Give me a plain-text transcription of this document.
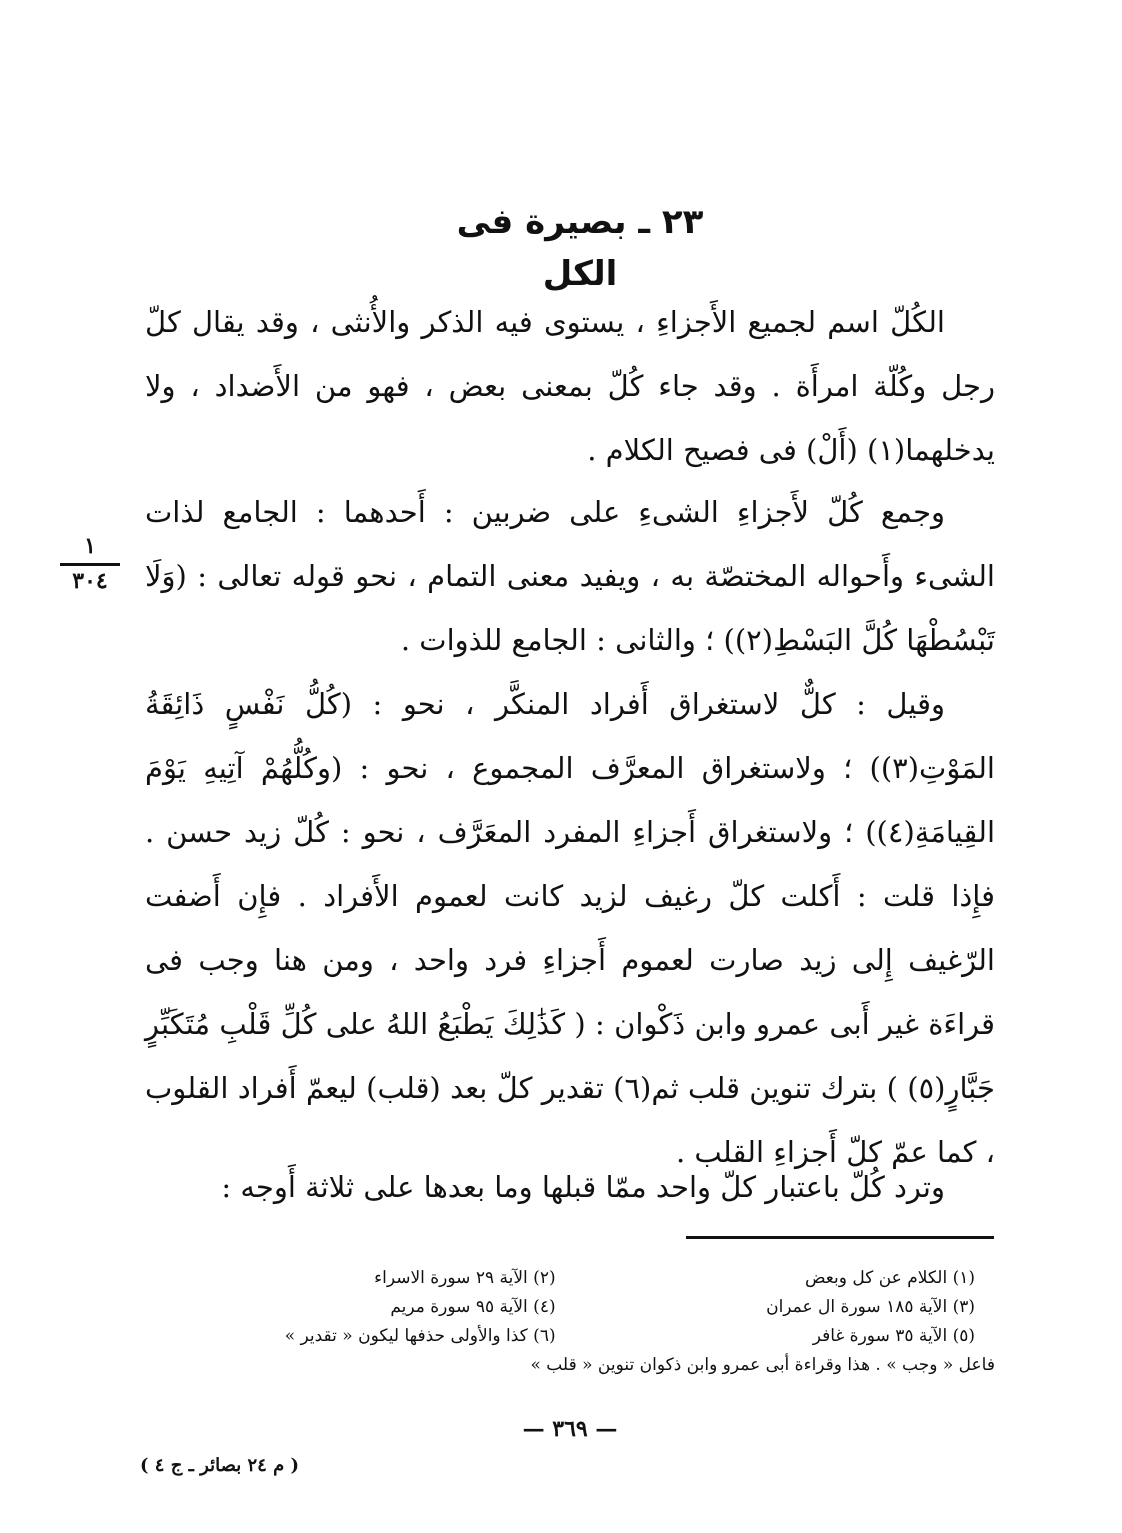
٢٣ ـ بصيرة فى الكل

الكُلّ اسم لجميع الأَجزاءِ ، يستوى فيه الذكر والأُنثى ، وقد يقال كلّ رجل وكُلّة امرأَة . وقد جاء كُلّ بمعنى بعض ، فهو من الأَضداد ، ولا يدخلهما(١) (أَلْ) فى فصيح الكلام .

وجمع كُلّ لأَجزاءِ الشىءِ على ضربين : أَحدهما : الجامع لذات الشىء وأَحواله المختصّة به ، ويفيد معنى التمام ، نحو قوله تعالى : (وَلَا تَبْسُطْهَا كُلَّ البَسْطِ(٢)) ؛ والثانى : الجامع للذوات .

وقيل : كلٌّ لاستغراق أَفراد المنكَّر ، نحو : (كُلُّ نَفْسٍ ذَائِقَةُ المَوْتِ(٣)) ؛ ولاستغراق المعرَّف المجموع ، نحو : (وكُلُّهُمْ آتِيهِ يَوْمَ القِيامَةِ(٤)) ؛ ولاستغراق أَجزاءِ المفرد المعَرَّف ، نحو : كُلّ زيد حسن . فإِذا قلت : أَكلت كلّ رغيف لزيد كانت لعموم الأَفراد . فإِن أَضفت الرّغيف إِلى زيد صارت لعموم أَجزاءِ فرد واحد ، ومن هنا وجب فى قراءَة غير أَبى عمرو وابن ذَكْوان : ( كَذَٰلِكَ يَطْبَعُ اللهُ على كُلِّ قَلْبِ مُتَكَبِّرٍ جَبَّارٍ(٥) ) بترك تنوين قلب ثم(٦) تقدير كلّ بعد (قلب) ليعمّ أَفراد القلوب ، كما عمّ كلّ أَجزاءِ القلب .

وترد كُلّ باعتبار كلّ واحد ممّا قبلها وما بعدها على ثلاثة أَوجه :

١
٣٠٤
(١) الكلام عن كل وبعض
(٢) الآية ٢٩ سورة الاسراء
(٣) الآية ١٨٥ سورة ال عمران
(٤) الآية ٩٥ سورة مريم
(٥) الآية ٣٥ سورة غافر
(٦) كذا والأولى حذفها ليكون « تقدير »
فاعل « وجب » . هذا وقراءة أبى عمرو وابن ذكوان تنوين « قلب »
— ٣٦٩ —
( م ٢٤ بصائر ـ ج ٤ )
